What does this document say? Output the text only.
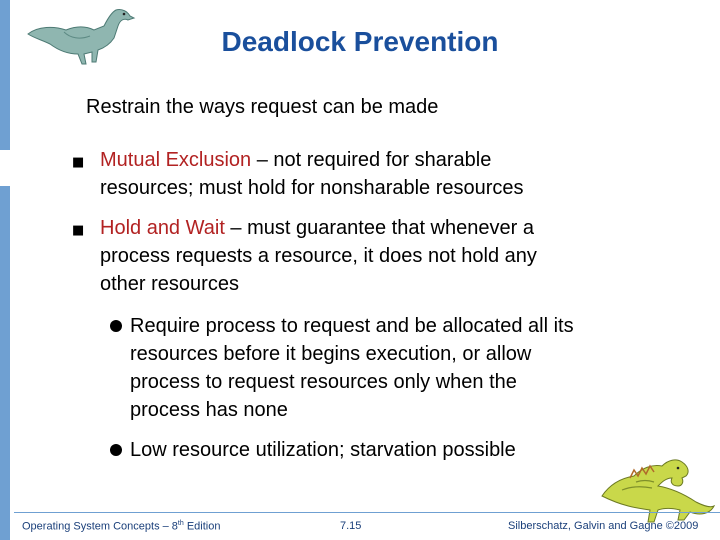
Deadlock Prevention
Restrain the ways request can be made
■ Mutual Exclusion – not required for sharable
resources; must hold for nonsharable resources
■ Hold and Wait – must guarantee that whenever a
process requests a resource, it does not hold any
other resources
Require process to request and be allocated all its
resources before it begins execution, or allow
process to request resources only when the
process has none
Low resource utilization; starvation possible
Operating System Concepts – 8th Edition	7.15	Silberschatz, Galvin and Gagne ©2009
